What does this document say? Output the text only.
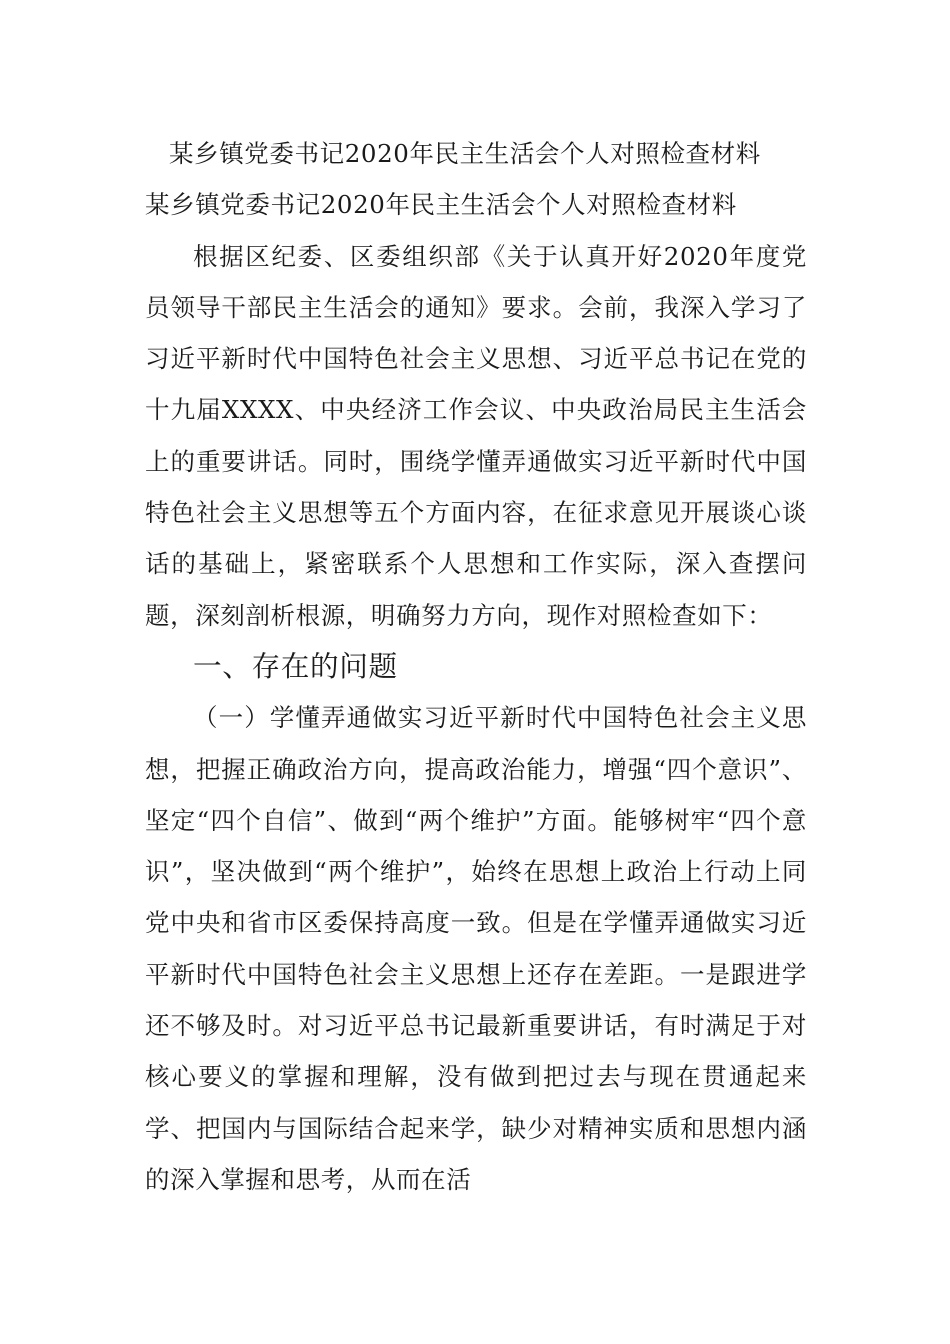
某乡镇党委书记2020年民主生活会个人对照检查材料
某乡镇党委书记2020年民主生活会个人对照检查材料

根据区纪委、区委组织部《关于认真开好2020年度党员领导干部民主生活会的通知》要求。会前，我深入学习了习近平新时代中国特色社会主义思想、习近平总书记在党的十九届XXXX、中央经济工作会议、中央政治局民主生活会上的重要讲话。同时，围绕学懂弄通做实习近平新时代中国特色社会主义思想等五个方面内容，在征求意见开展谈心谈话的基础上，紧密联系个人思想和工作实际，深入查摆问题，深刻剖析根源，明确努力方向，现作对照检查如下：

一、存在的问题

（一）学懂弄通做实习近平新时代中国特色社会主义思想，把握正确政治方向，提高政治能力，增强“四个意识”、坚定“四个自信”、做到“两个维护”方面。能够树牢“四个意识”，坚决做到“两个维护”，始终在思想上政治上行动上同党中央和省市区委保持高度一致。但是在学懂弄通做实习近平新时代中国特色社会主义思想上还存在差距。一是跟进学还不够及时。对习近平总书记最新重要讲话，有时满足于对核心要义的掌握和理解，没有做到把过去与现在贯通起来学、把国内与国际结合起来学，缺少对精神实质和思想内涵的深入掌握和思考，从而在活
